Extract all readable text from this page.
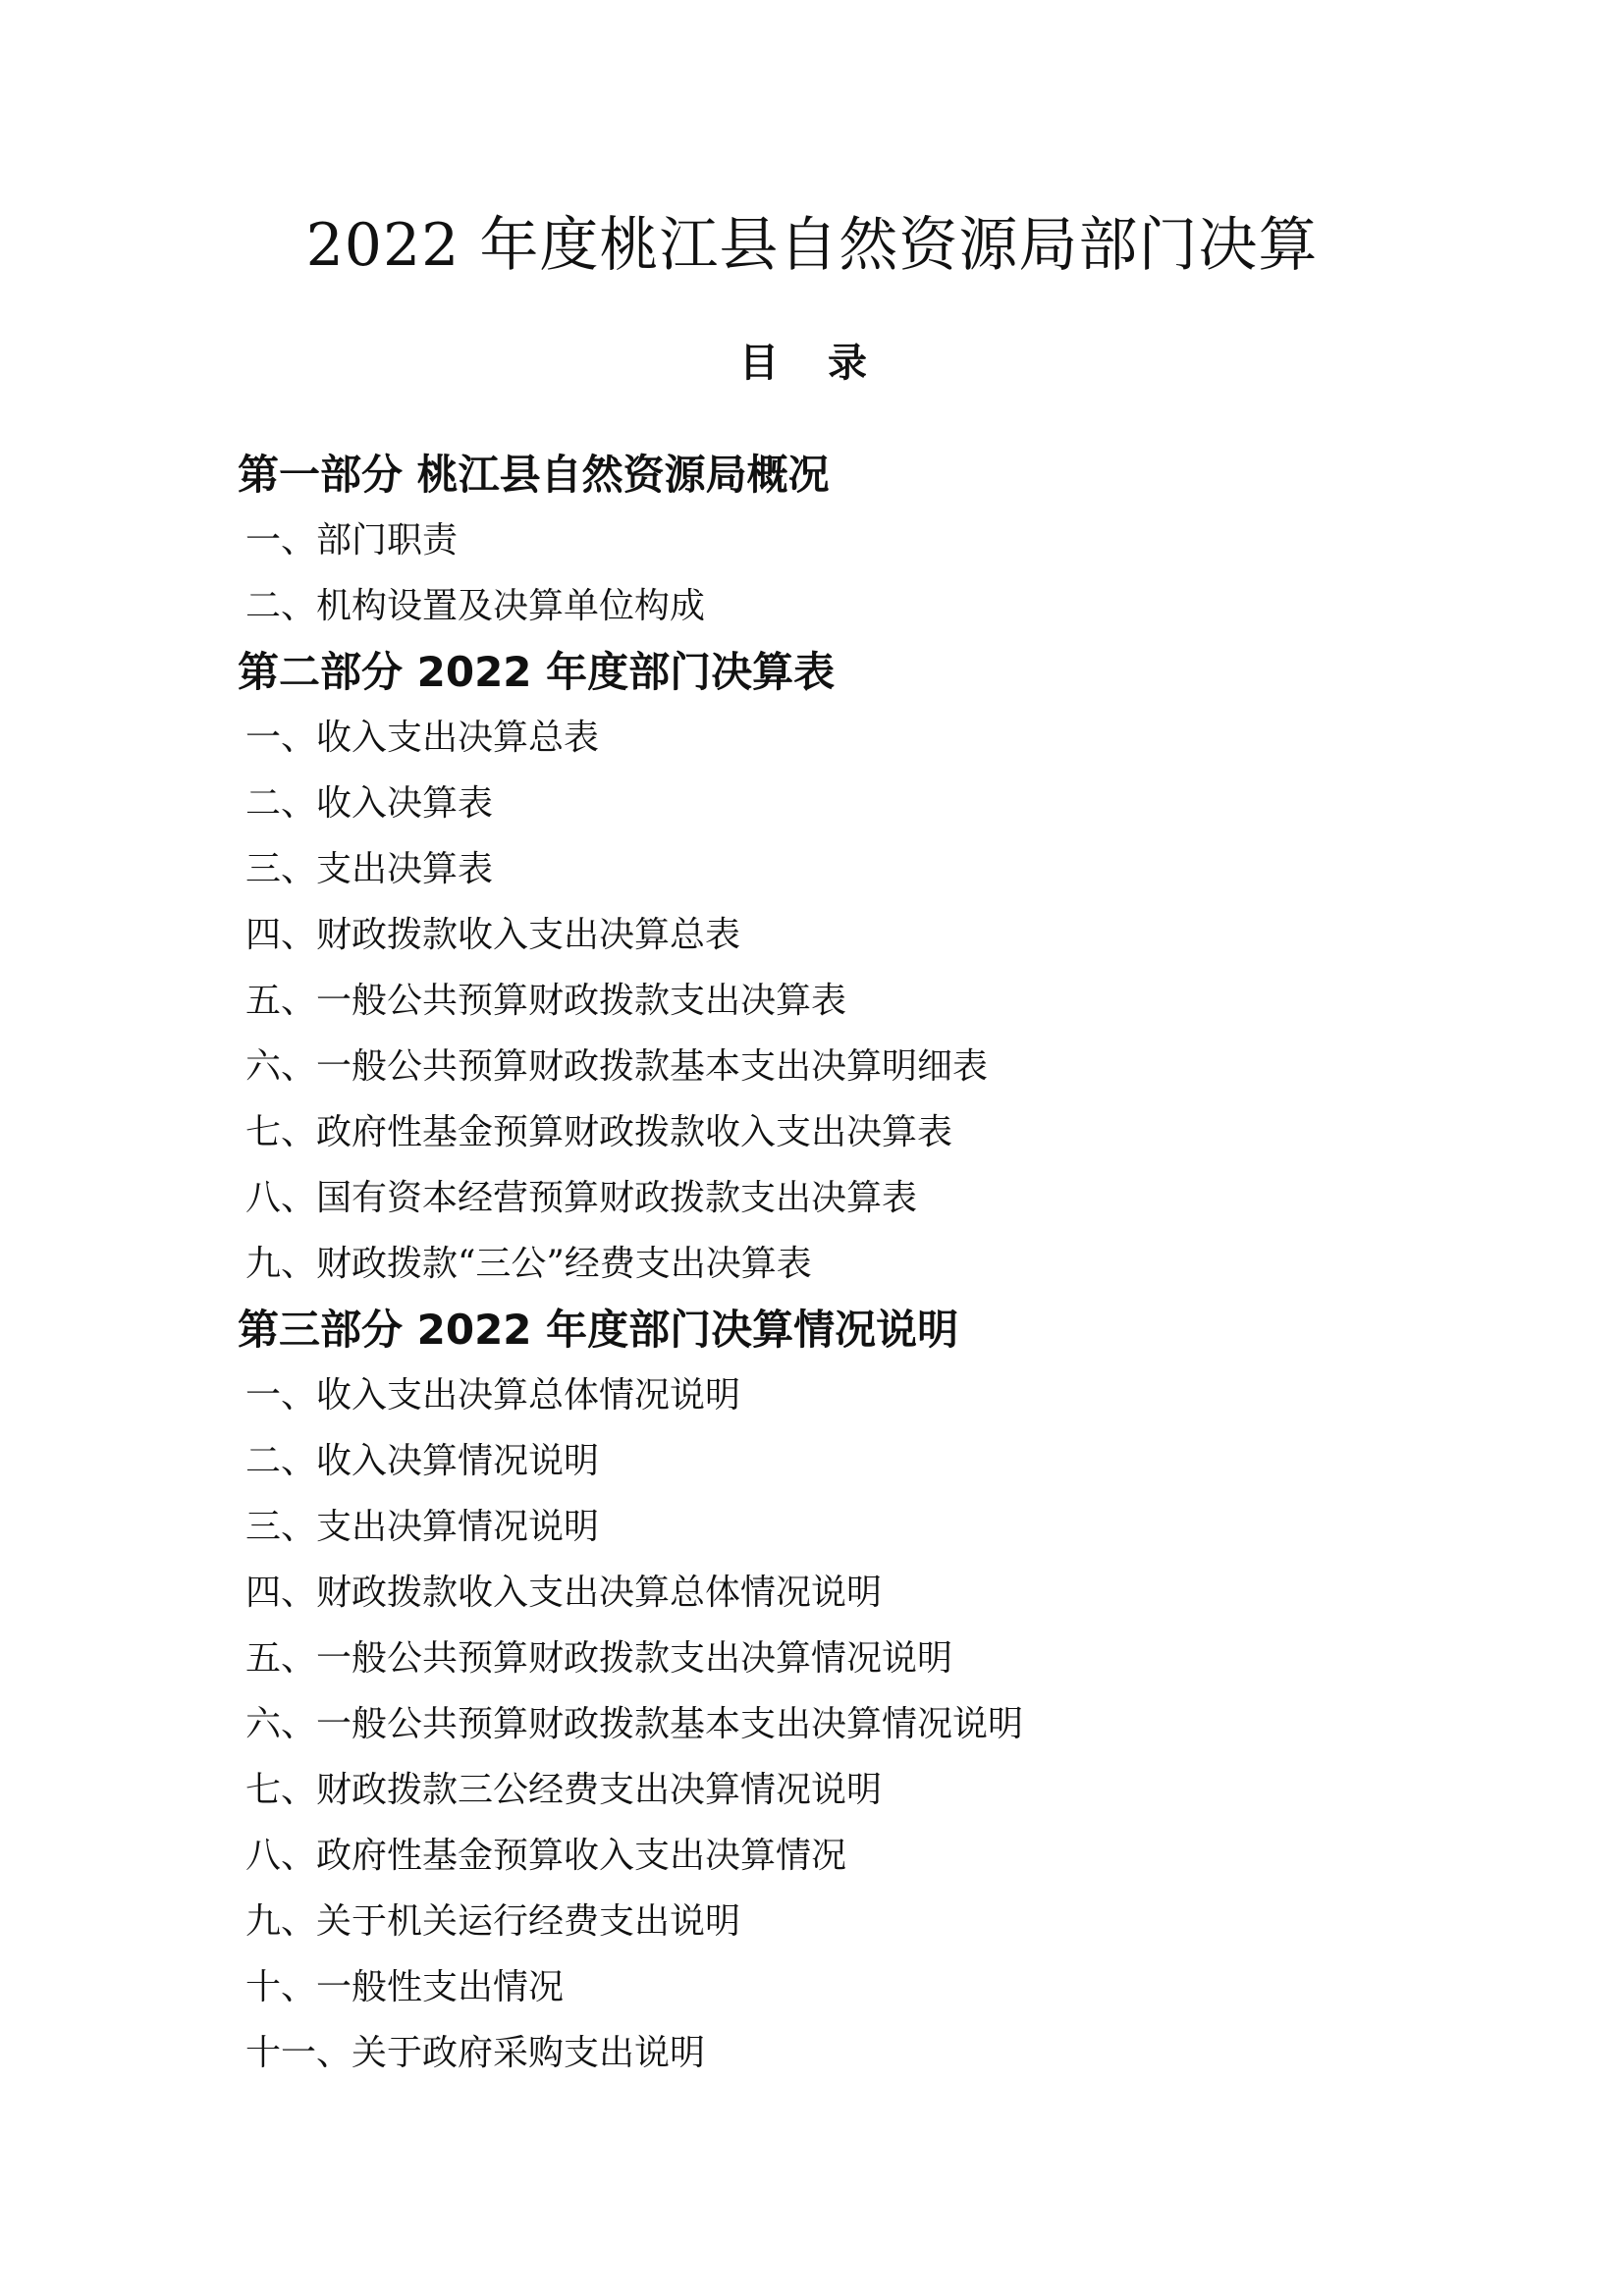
2022 年度桃江县自然资源局部门决算
目 录
第一部分 桃江县自然资源局概况
一、部门职责
二、机构设置及决算单位构成
第二部分 2022 年度部门决算表
一、收入支出决算总表
二、收入决算表
三、支出决算表
四、财政拨款收入支出决算总表
五、一般公共预算财政拨款支出决算表
六、一般公共预算财政拨款基本支出决算明细表
七、政府性基金预算财政拨款收入支出决算表
八、国有资本经营预算财政拨款支出决算表
九、财政拨款“三公”经费支出决算表
第三部分 2022 年度部门决算情况说明
一、收入支出决算总体情况说明
二、收入决算情况说明
三、支出决算情况说明
四、财政拨款收入支出决算总体情况说明
五、一般公共预算财政拨款支出决算情况说明
六、一般公共预算财政拨款基本支出决算情况说明
七、财政拨款三公经费支出决算情况说明
八、政府性基金预算收入支出决算情况
九、关于机关运行经费支出说明
十、一般性支出情况
十一、关于政府采购支出说明
